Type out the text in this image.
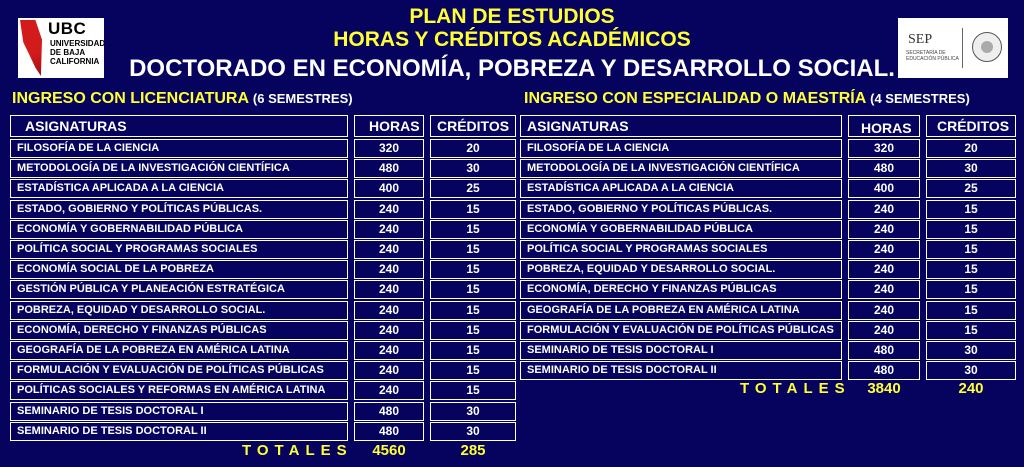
UBC
UNIVERSIDAD DE BAJA CALIFORNIA
SEP
SECRETARÍA DE EDUCACIÓN PÚBLICA
PLAN DE ESTUDIOS
HORAS Y CRÉDITOS ACADÉMICOS
DOCTORADO EN ECONOMÍA, POBREZA Y DESARROLLO SOCIAL.
INGRESO CON LICENCIATURA (6 SEMESTRES)	INGRESO CON ESPECIALIDAD O MAESTRÍA (4 SEMESTRES)
ASIGNATURAS	HORAS CRÉDITOS
FILOSOFÍA DE LA CIENCIA	320	20
METODOLOGÍA DE LA INVESTIGACIÓN CIENTÍFICA	480	30
ESTADÍSTICA APLICADA A LA CIENCIA	400	25
ESTADO, GOBIERNO Y POLÍTICAS PÚBLICAS.	240	15
ECONOMÍA Y GOBERNABILIDAD PÚBLICA	240	15
POLÍTICA SOCIAL Y PROGRAMAS SOCIALES	240	15
ECONOMÍA SOCIAL DE LA POBREZA	240	15
GESTIÓN PÚBLICA Y PLANEACIÓN ESTRATÉGICA	240	15
POBREZA, EQUIDAD Y DESARROLLO SOCIAL.	240	15
ECONOMÍA, DERECHO Y FINANZAS PÚBLICAS	240	15
GEOGRAFÍA DE LA POBREZA EN AMÉRICA LATINA	240	15
FORMULACIÓN Y EVALUACIÓN DE POLÍTICAS PÚBLICAS	240	15
POLÍTICAS SOCIALES Y REFORMAS EN AMÉRICA LATINA	240	15
SEMINARIO DE TESIS DOCTORAL I	480	30
SEMINARIO DE TESIS DOCTORAL II	480	30
TOTALES	4560	285
ASIGNATURAS	HORAS CRÉDITOS
FILOSOFÍA DE LA CIENCIA	320	20
METODOLOGÍA DE LA INVESTIGACIÓN CIENTÍFICA	480	30
ESTADÍSTICA APLICADA A LA CIENCIA	400	25
ESTADO, GOBIERNO Y POLÍTICAS PÚBLICAS.	240	15
ECONOMÍA Y GOBERNABILIDAD PÚBLICA	240	15
POLÍTICA SOCIAL Y PROGRAMAS SOCIALES	240	15
POBREZA, EQUIDAD Y DESARROLLO SOCIAL.	240	15
ECONOMÍA, DERECHO Y FINANZAS PÚBLICAS	240	15
GEOGRAFÍA DE LA POBREZA EN AMÉRICA LATINA	240	15
FORMULACIÓN Y EVALUACIÓN DE POLÍTICAS PÚBLICAS	240	15
SEMINARIO DE TESIS DOCTORAL I	480	30
SEMINARIO DE TESIS DOCTORAL II	480	30
TOTALES	3840	240
